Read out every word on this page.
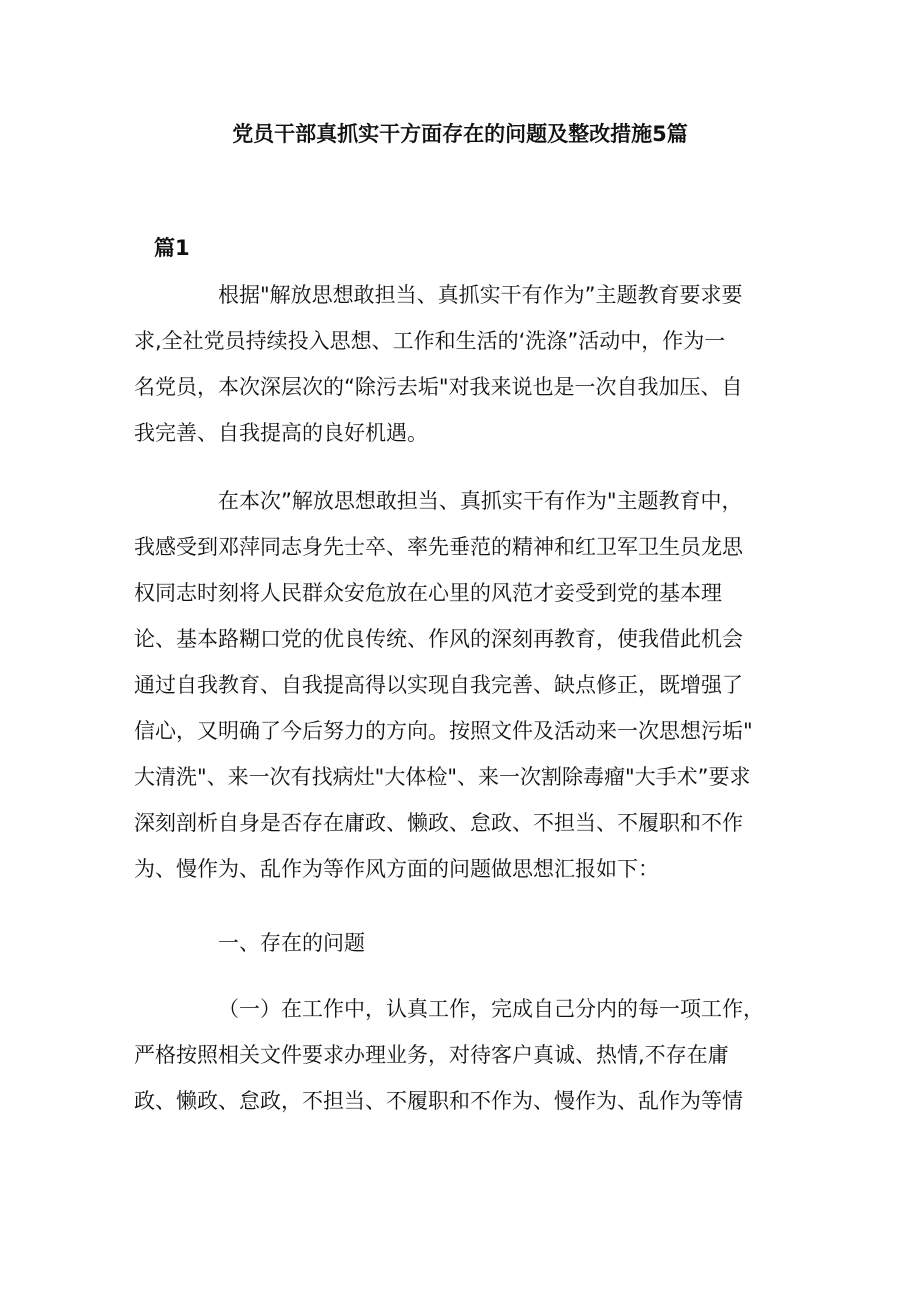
党员干部真抓实干方面存在的问题及整改措施5篇
篇1
根据"解放思想敢担当、真抓实干有作为”主题教育要求要
求,全社党员持续投入思想、工作和生活的‘洗涤”活动中，作为一
名党员，本次深层次的“除污去垢"对我来说也是一次自我加压、自
我完善、自我提高的良好机遇。
在本次”解放思想敢担当、真抓实干有作为"主题教育中，
我感受到邓萍同志身先士卒、率先垂范的精神和红卫军卫生员龙思
权同志时刻将人民群众安危放在心里的风范才妾受到党的基本理
论、基本路糊口党的优良传统、作风的深刻再教育，使我借此机会
通过自我教育、自我提高得以实现自我完善、缺点修正，既增强了
信心，又明确了今后努力的方向。按照文件及活动来一次思想污垢"
大清洗"、来一次有找病灶"大体检"、来一次割除毒瘤"大手术”要求
深刻剖析自身是否存在庸政、懒政、怠政、不担当、不履职和不作
为、慢作为、乱作为等作风方面的问题做思想汇报如下：
一、存在的问题
（一）在工作中，认真工作，完成自己分内的每一项工作，
严格按照相关文件要求办理业务，对待客户真诚、热情,不存在庸
政、懒政、怠政，不担当、不履职和不作为、慢作为、乱作为等情
